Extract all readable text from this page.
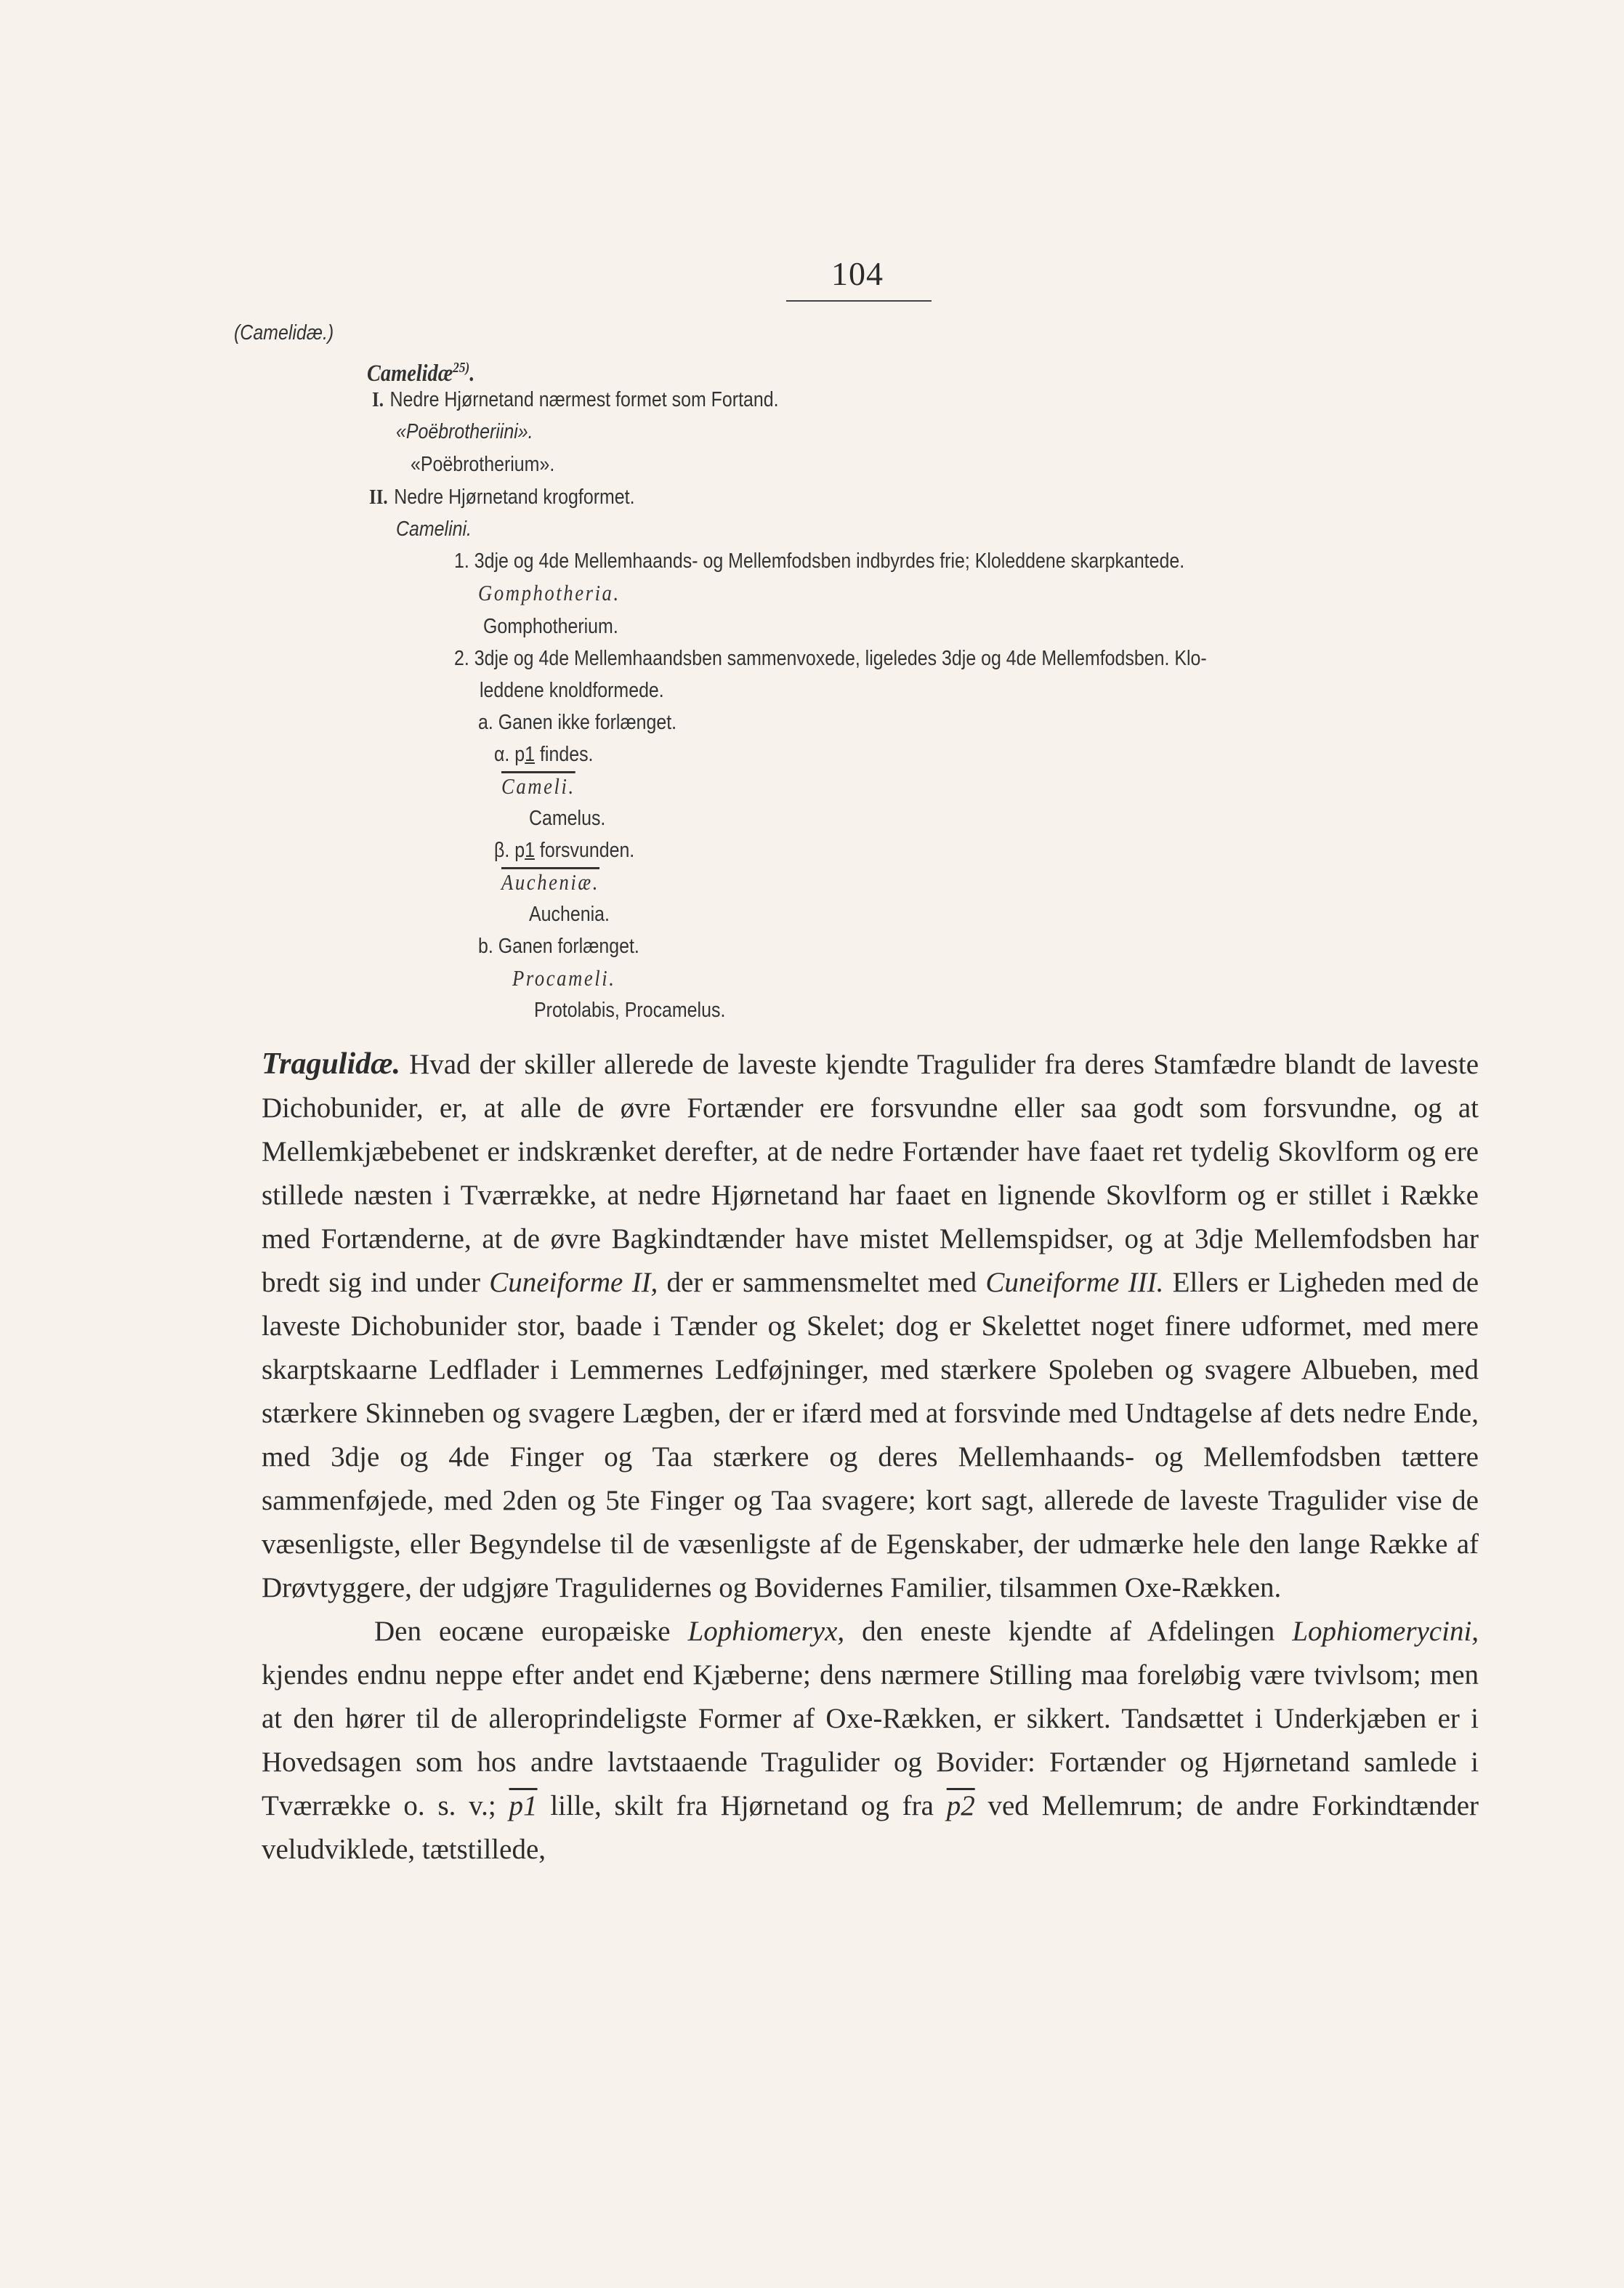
104
(Camelidæ.)
Camelidæ$^{25)}$.
I. Nedre Hjørnetand nærmest formet som Fortand.
«Poëbrotheriini».
«Poëbrotherium».
II. Nedre Hjørnetand krogformet.
Camelini.
1. 3dje og 4de Mellemhaands- og Mellemfodsben indbyrdes frie; Kloleddene skarpkantede.
Gomphotheria.
Gomphotherium.
2. 3dje og 4de Mellemhaandsben sammenvoxede, ligeledes 3dje og 4de Mellemfodsben. Klo-
leddene knoldformede.
a. Ganen ikke forlænget.
α. p1 findes.
Cameli.
Camelus.
β. p1 forsvunden.
Aucheniæ.
Auchenia.
b. Ganen forlænget.
Procameli.
Protolabis, Procamelus.

Tragulidæ. Hvad der skiller allerede de laveste kjendte Tragulider fra deres Stamfædre blandt de laveste Dichobunider, er, at alle de øvre Fortænder ere forsvundne eller saa godt som forsvundne, og at Mellemkjæbebenet er indskrænket derefter, at de nedre Fortænder have faaet ret tydelig Skovlform og ere stillede næsten i Tværrække, at nedre Hjørnetand har faaet en lignende Skovlform og er stillet i Række med Fortænderne, at de øvre Bagkindtænder have mistet Mellemspidser, og at 3dje Mellemfodsben har bredt sig ind under Cuneiforme II, der er sammensmeltet med Cuneiforme III. Ellers er Ligheden med de laveste Dichobunider stor, baade i Tænder og Skelet; dog er Skelettet noget finere udformet, med mere skarptskaarne Ledflader i Lemmernes Ledføjninger, med stærkere Spoleben og svagere Albueben, med stærkere Skinneben og svagere Lægben, der er ifærd med at forsvinde med Undtagelse af dets nedre Ende, med 3dje og 4de Finger og Taa stærkere og deres Mellemhaands- og Mellemfodsben tættere sammenføjede, med 2den og 5te Finger og Taa svagere; kort sagt, allerede de laveste Tragulider vise de væsenligste, eller Begyndelse til de væsenligste af de Egenskaber, der udmærke hele den lange Række af Drøvtyggere, der udgjøre Tragulidernes og Bovidernes Familier, tilsammen Oxe-Rækken.

Den eocæne europæiske Lophiomeryx, den eneste kjendte af Afdelingen Lophiomerycini, kjendes endnu neppe efter andet end Kjæberne; dens nærmere Stilling maa foreløbig være tvivlsom; men at den hører til de alleroprindeligste Former af Oxe-Rækken, er sikkert. Tandsættet i Underkjæben er i Hovedsagen som hos andre lavtstaaende Tragulider og Bovider: Fortænder og Hjørnetand samlede i Tværrække o. s. v.; p1 lille, skilt fra Hjørnetand og fra p2 ved Mellemrum; de andre Forkindtænder veludviklede, tætstillede,
